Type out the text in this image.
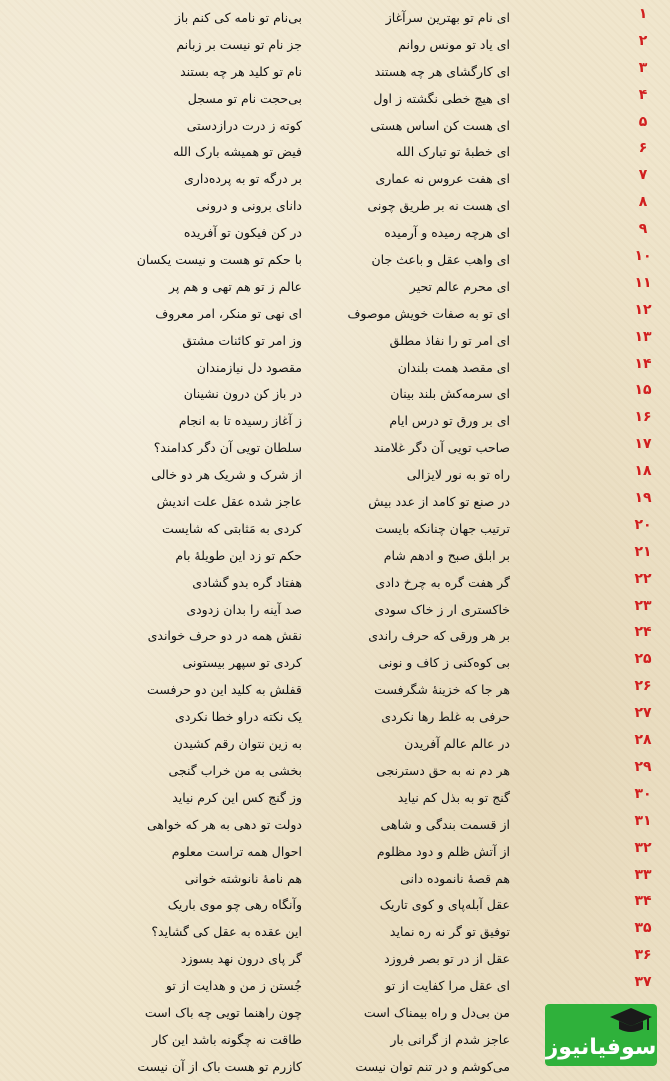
۱
بی‌نام تو نامه کی کنم باز	ای نام تو بهترین سرآغاز
۲
جز نام تو نیست بر زبانم	ای یاد تو مونس روانم
۳
نام تو کلید هر چه بستند	ای کارگشای هر چه هستند
۴
بی‌حجت نام تو مسجل	ای هیچ خطی نگشته ز اول
۵
کوته ز درت درازدستی	ای هست کن اساس هستی
۶
فیض تو همیشه بارک الله	ای خطبهٔ تو تبارک الله
۷
بر درگه تو به پرده‌داری	ای هفت عروس نه عماری
۸
دانای برونی و درونی	ای هست نه بر طریق چونی
۹
در کن فیکون تو آفریده	ای هرچه رمیده و آرمیده
۱۰
با حکم تو هست و نیست یکسان	ای واهب عقل و باعث جان
۱۱
عالم ز تو هم تهی و هم پر	ای محرم عالم تحیر
۱۲
ای نهی تو منکر، امر معروف	ای تو به صفات خویش موصوف
۱۳
وز امر تو کائنات مشتق	ای امر تو را نفاذ مطلق
۱۴
مقصود دل نیازمندان	ای مقصد همت بلندان
۱۵
در باز کن درون نشینان	ای سرمه‌کش بلند بینان
۱۶
ز آغاز رسیده تا به انجام	ای بر ورق تو درس ایام
۱۷
سلطان تویی آن دگر کدامند؟	صاحب تویی آن دگر غلامند
۱۸
از شرک و شریک هر دو خالی	راه تو به نور لایزالی
۱۹
عاجز شده عقل علت اندیش	در صنع تو کامد از عدد بیش
۲۰
کردی به مَثابتی که شایست	ترتیب جهان چنانکه بایست
۲۱
حکم تو زد این طویلهٔ بام	بر ابلق صبح و ادهم شام
۲۲
هفتاد گره بدو گشادی	گر هفت گره به چرخ دادی
۲۳
صد آینه را بدان زدودی	خاکستری ار ز خاک سودی
۲۴
نقش همه در دو حرف خواندی	بر هر ورقی که حرف راندی
۲۵
کردی تو سپهر بیستونی	بی کوه‌کنی ز کاف و نونی
۲۶
قفلش به کلید این دو حرفست	هر جا که خزینهٔ شگرفست
۲۷
یک نکته دراو خطا نکردی	حرفی به غلط رها نکردی
۲۸
به زین نتوان رقم کشیدن	در عالم عالم آفریدن
۲۹
بخشی به من خراب گنجی	هر دم نه به حق دسترنجی
۳۰
وز گنج کس این کرم نیاید	گنج تو به بذل کم نیاید
۳۱
دولت تو دهی به هر که خواهی	از قسمت بندگی و شاهی
۳۲
احوال همه تراست معلوم	از آتش ظلم و دود مظلوم
۳۳
هم نامهٔ نانوشته خوانی	هم قصهٔ نانموده دانی
۳۴
وآنگاه رهی چو موی باریک	عقل آبله‌پای و کوی تاریک
۳۵
این عقده به عقل کی گشاید؟	توفیق تو گر نه ره نماید
۳۶
گر پای درون نهد بسوزد	عقل از در تو بصر فروزد
۳۷
جُستن ز من و هدایت از تو	ای عقل مرا کفایت از تو
چون راهنما تویی چه باک است	من بی‌دل و راه بیمناک است
طاقت نه چگونه باشد این کار	عاجز شدم از گرانی بار
کازرم تو هست باک از آن نیست	می‌کوشم و در تنم توان نیست
سوفیانیوز
